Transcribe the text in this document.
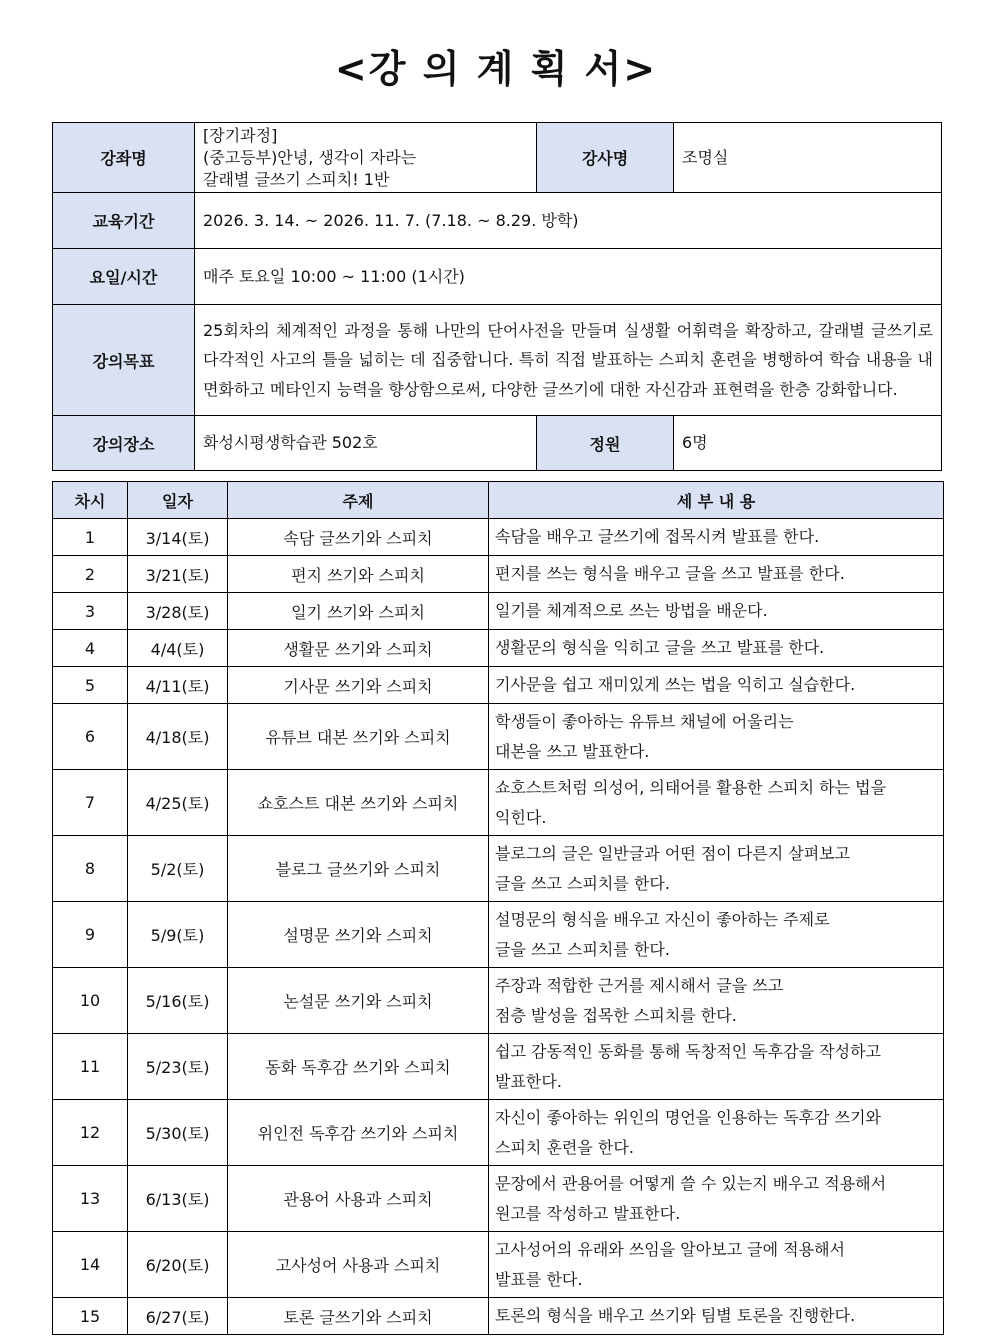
<강 의 계 획 서>
강좌명	[장기과정]
(중고등부)안녕, 생각이 자라는
갈래별 글쓰기 스피치! 1반	강사명	조명실
교육기간	2026. 3. 14. ~ 2026. 11. 7. (7.18. ~ 8.29. 방학)		
요일/시간	매주 토요일 10:00 ~ 11:00 (1시간)		
강의목표	25회차의 체계적인 과정을 통해 나만의 단어사전을 만들며 실생활 어휘력을 확장하고, 갈래별 글쓰기로 다각적인 사고의 틀을 넓히는 데 집중합니다. 특히 직접 발표하는 스피치 훈련을 병행하여 학습 내용을 내면화하고 메타인지 능력을 향상함으로써, 다양한 글쓰기에 대한 자신감과 표현력을 한층 강화합니다.		
강의장소	화성시평생학습관 502호	정원	6명
차시	일자	주제	세 부 내 용
1	3/14(토)	속담 글쓰기와 스피치	속담을 배우고 글쓰기에 접목시켜 발표를 한다.

2	3/21(토)	편지 쓰기와 스피치	편지를 쓰는 형식을 배우고 글을 쓰고 발표를 한다.

3	3/28(토)	일기 쓰기와 스피치	일기를 체계적으로 쓰는 방법을 배운다.

4	4/4(토)	생활문 쓰기와 스피치	생활문의 형식을 익히고 글을 쓰고 발표를 한다.

5	4/11(토)	기사문 쓰기와 스피치	기사문을 쉽고 재미있게 쓰는 법을 익히고 실습한다.

6	4/18(토)	유튜브 대본 쓰기와 스피치	학생들이 좋아하는 유튜브 채널에 어울리는
대본을 쓰고 발표한다.

7	4/25(토)	쇼호스트 대본 쓰기와 스피치	쇼호스트처럼 의성어, 의태어를 활용한 스피치 하는 법을
익힌다.

8	5/2(토)	블로그 글쓰기와 스피치	블로그의 글은 일반글과 어떤 점이 다른지 살펴보고
글을 쓰고 스피치를 한다.

9	5/9(토)	설명문 쓰기와 스피치	설명문의 형식을 배우고 자신이 좋아하는 주제로
글을 쓰고 스피치를 한다.

10	5/16(토)	논설문 쓰기와 스피치	주장과 적합한 근거를 제시해서 글을 쓰고
점층 발성을 접목한 스피치를 한다.

11	5/23(토)	동화 독후감 쓰기와 스피치	쉽고 감동적인 동화를 통해 독창적인 독후감을 작성하고
발표한다.

12	5/30(토)	위인전 독후감 쓰기와 스피치	자신이 좋아하는 위인의 명언을 인용하는 독후감 쓰기와
스피치 훈련을 한다.

13	6/13(토)	관용어 사용과 스피치	문장에서 관용어를 어떻게 쓸 수 있는지 배우고 적용해서
원고를 작성하고 발표한다.

14	6/20(토)	고사성어 사용과 스피치	고사성어의 유래와 쓰임을 알아보고 글에 적용해서
발표를 한다.

15	6/27(토)	토론 글쓰기와 스피치	토론의 형식을 배우고 쓰기와 팀별 토론을 진행한다.
